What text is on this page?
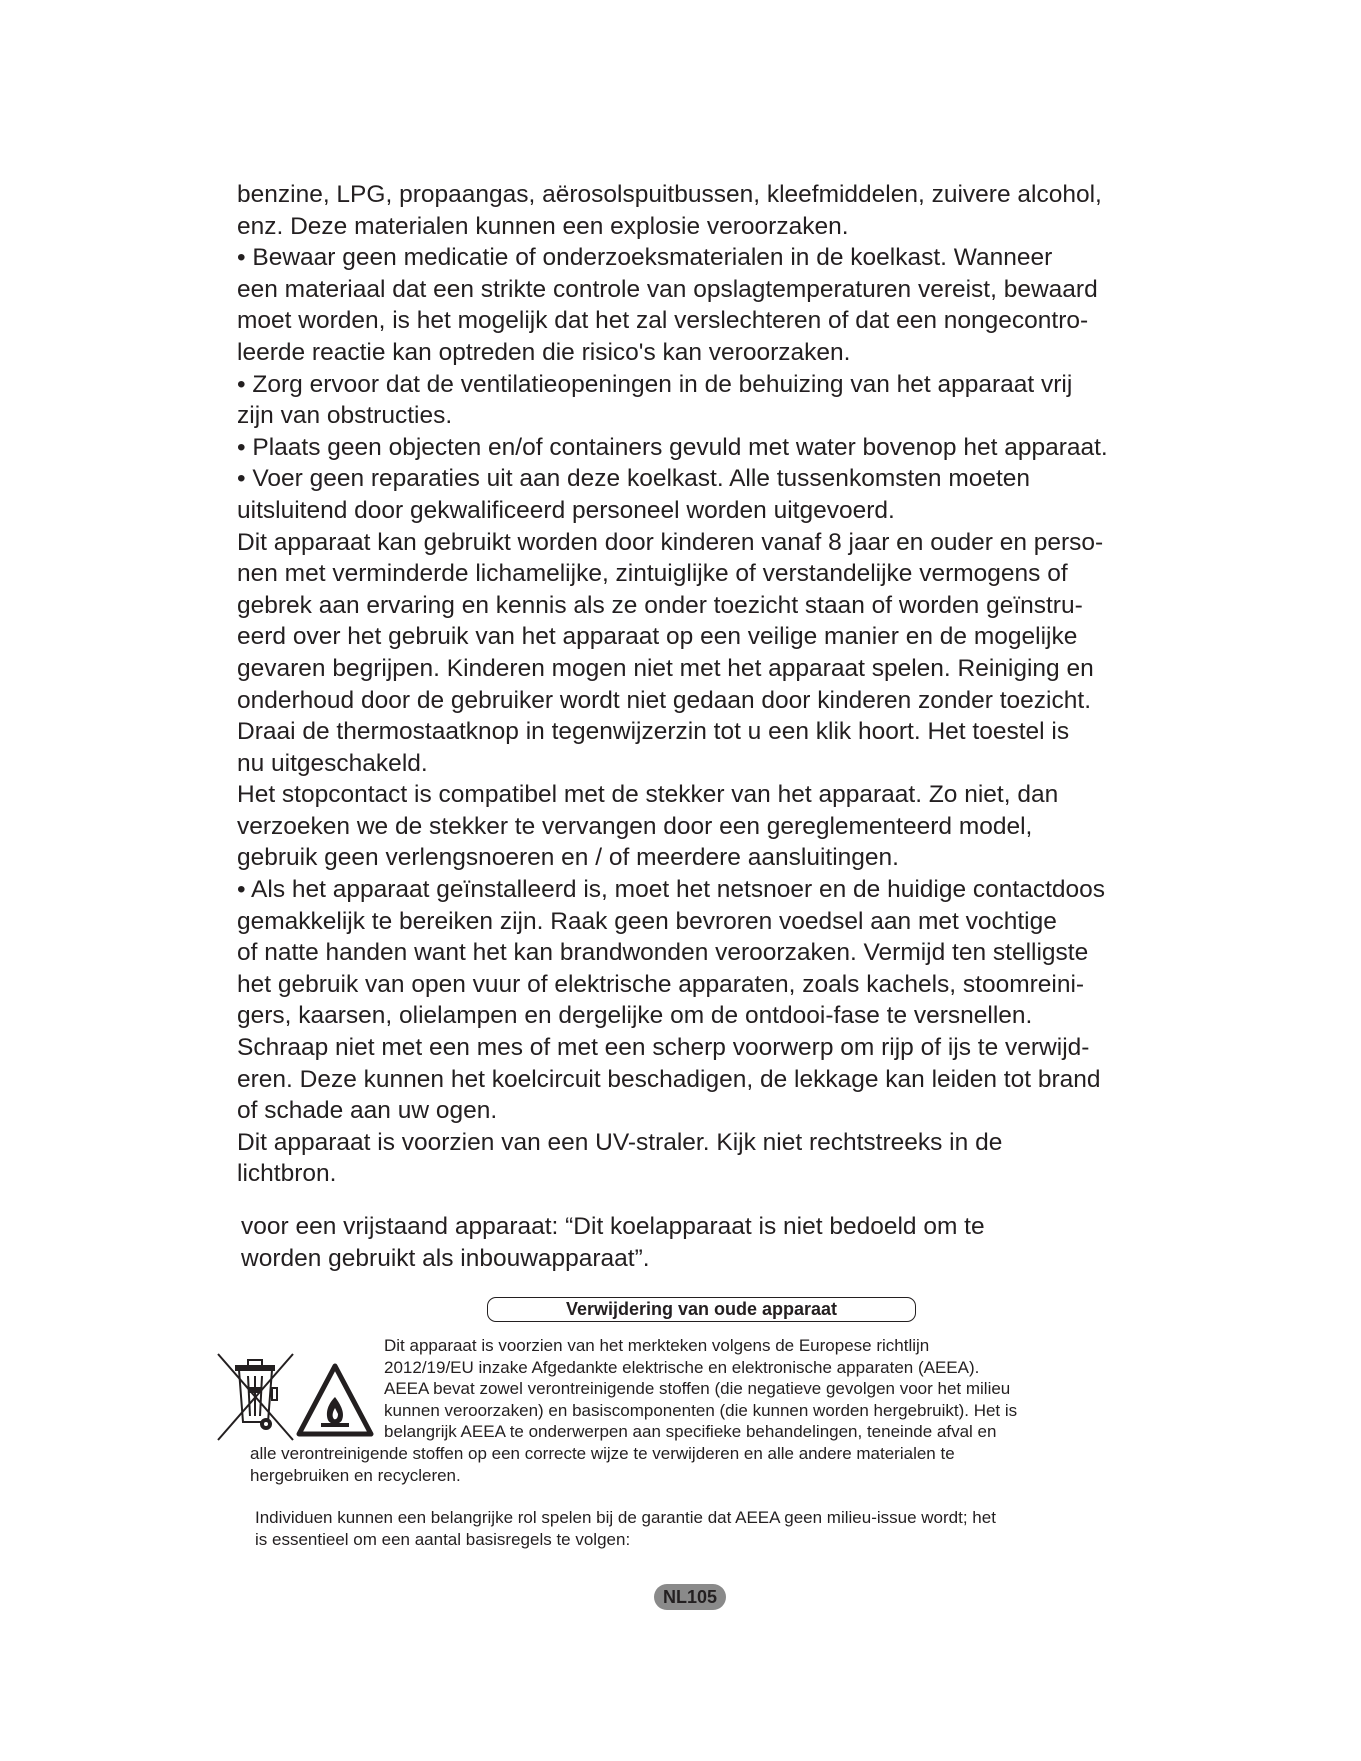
benzine, LPG, propaangas, aërosolspuitbussen, kleefmiddelen, zuivere alcohol,

enz. Deze materialen kunnen een explosie veroorzaken.

• Bewaar geen medicatie of onderzoeksmaterialen in de koelkast. Wanneer

een materiaal dat een strikte controle van opslagtemperaturen vereist, bewaard

moet worden, is het mogelijk dat het zal verslechteren of dat een nongecontro-

leerde reactie kan optreden die risico's kan veroorzaken.

• Zorg ervoor dat de ventilatieopeningen in de behuizing van het apparaat vrij

zijn van obstructies.

• Plaats geen objecten en/of containers gevuld met water bovenop het apparaat.

• Voer geen reparaties uit aan deze koelkast. Alle tussenkomsten moeten

uitsluitend door gekwalificeerd personeel worden uitgevoerd.

Dit apparaat kan gebruikt worden door kinderen vanaf 8 jaar en ouder en perso-

nen met verminderde lichamelijke, zintuiglijke of verstandelijke vermogens of

gebrek aan ervaring en kennis als ze onder toezicht staan of worden geïnstru-

eerd over het gebruik van het apparaat op een veilige manier en de mogelijke

gevaren begrijpen. Kinderen mogen niet met het apparaat spelen. Reiniging en

onderhoud door de gebruiker wordt niet gedaan door kinderen zonder toezicht.

Draai de thermostaatknop in tegenwijzerzin tot u een klik hoort. Het toestel is

nu uitgeschakeld.

Het stopcontact is compatibel met de stekker van het apparaat. Zo niet, dan

verzoeken we de stekker te vervangen door een gereglementeerd model,

gebruik geen verlengsnoeren en / of meerdere aansluitingen.

• Als het apparaat geïnstalleerd is, moet het netsnoer en de huidige contactdoos

gemakkelijk te bereiken zijn. Raak geen bevroren voedsel aan met vochtige

of natte handen want het kan brandwonden veroorzaken. Vermijd ten stelligste

het gebruik van open vuur of elektrische apparaten, zoals kachels, stoomreini-

gers, kaarsen, olielampen en dergelijke om de ontdooi-fase te versnellen.

Schraap niet met een mes of met een scherp voorwerp om rijp of ijs te verwijd-

eren. Deze kunnen het koelcircuit beschadigen, de lekkage kan leiden tot brand

of schade aan uw ogen.

Dit apparaat is voorzien van een UV-straler. Kijk niet rechtstreeks in de

lichtbron.

voor een vrijstaand apparaat: “Dit koelapparaat is niet bedoeld om te

worden gebruikt als inbouwapparaat”.

Verwijdering van oude apparaat

Dit apparaat is voorzien van het merkteken volgens de Europese richtlijn

2012/19/EU inzake Afgedankte elektrische en elektronische apparaten (AEEA).

AEEA bevat zowel verontreinigende stoffen (die negatieve gevolgen voor het milieu

kunnen veroorzaken) en basiscomponenten (die kunnen worden hergebruikt). Het is

belangrijk AEEA te onderwerpen aan specifieke behandelingen, teneinde afval en

alle verontreinigende stoffen op een correcte wijze te verwijderen en alle andere materialen te

hergebruiken en recycleren.

Individuen kunnen een belangrijke rol spelen bij de garantie dat AEEA geen milieu-issue wordt; het

is essentieel om een aantal basisregels te volgen:

NL105
